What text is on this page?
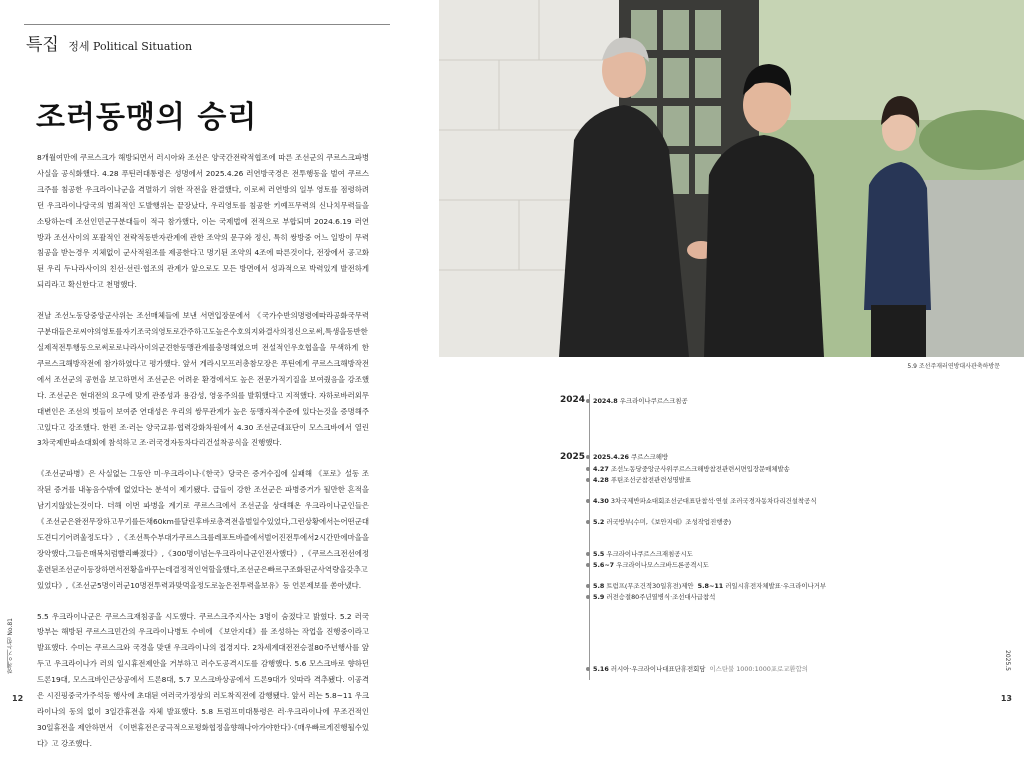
특집 정세 Political Situation
조러동맹의 승리

8개월여만에 쿠르스크가 해방되면서 러시아와 조선은 양국간전략적협조에 따른 조선군의 쿠르스크파병사실을 공식화했다. 4.28 푸틴러대통령은 성명에서 2025.4.26 러연방국경은 전투행동을 벌여 쿠르스크주를 침공한 우크라이나군을 격멸하기 위한 작전을 완결했다, 이로써 러연방의 일부 영토를 점령하려던 우크라이나당국의 범죄적인 도발행위는 끝장났다, 우리영토를 침공한 키예프무력의 신나치무력들을 소탕하는데 조선인민군구분대들이 적극 참가했다, 이는 국제법에 전적으로 부합되며 2024.6.19 러연방과 조선사이의 포괄적인 전략적동반자관계에 관한 조약의 문구와 정신, 특히 쌍방중 어느 일방이 무력침공을 받는경우 지체없이 군사적원조를 제공한다고 명기된 조약의 4조에 따른것이다, 전장에서 공고화된 우리 두나라사이의 친선·선린·협조의 관계가 앞으로도 모든 방면에서 성과적으로 박력있게 발전하게 되리라고 확신한다고 천명했다.

전날 조선노동당중앙군사위는 조선매체들에 보낸 서면입장문에서 《국가수반의명령에따라공화국무력구분대들은로씨야의영토를자기조국의영토로간주하고도높은수호의지와결사의정신으로써,특생을동반한실제적전투행동으로써로로나라사이의군견한동맹관계를충명해였으며 전설적인우호협을을 무색하게 한 쿠르스크해방작전에 참가하였다고 평가했다. 앞서 게라시모프러총참모장은 푸틴에게 쿠르스크해방작전에서 조선군의 공헌을 보고하면서 조선군은 어려운 환경에서도 높은 전문가적기질을 보여줬음을 강조했다. 조선군은 현대전의 요구에 맞게 관종성과 용감성, 영웅주의를 발휘했다고 지적했다. 자하로바러외무대변인은 조선의 벗들이 보여준 연대성은 우리의 쌍무관계가 높은 동맹자적수준에 있다는것을 증명해주고있다고 강조했다. 한편 조·러는 양국교류·협력강화차원에서 4.30 조선군대표단이 모스크바에서 열린 3차국제반파쇼대회에 참석하고 조·러국경자동차다리건설착공식을 진행했다.

《조선군파병》은 사실없는 그동안 미·우크라이나·《한국》당국은 증거수집에 실패해 《포로》설동 조작된 증거를 내놓음수밖에 없었다는 분석이 제기됐다. 급들이 강한 조선군은 파병증거가 될만한 흔적을 남기지않았는것이다. 더해 이번 파병을 계기로 쿠르스크에서 조선군을 상대해온 우크라이나군인들은 《조선군은완전무장하고무기를든채60km를달린후바로총격전을벌일수있었다,그런상황에서는어떤군대도견디기어려울정도다》,《조선특수부대가쿠르스크를레포트바즐에서벌어진전투에서2시간만에마을을장악했다,그들은매복처럼빨리빠졌다》,《300명이넘는우크라이나군인전사했다》,《쿠르스크전선에정훈련된조선군이등장하면서전황을바꾸는데결정적인역할을했다,조선군은빠르구조화된군사역량을갖추고있었다》,《조선군5명이러군10명전투력과맞먹을정도로높은전투력을보유》등 언론제보를 쏟아냈다.

5.5 우크라이나군은 쿠르스크재침공을 시도했다. 쿠르스크주지사는 3명이 숨졌다고 밝혔다. 5.2 러국방부는 해방된 쿠르스크민간의 우크라이나병토 수비에 《보안지대》를 조성하는 작업을 진행중이라고 발표했다. 수미는 쿠르스크와 국경을 맞댄 우크라이나의 접경지다. 2차세계대전전승절80주년행사를 앞두고 우크라이나가 러의 일시휴전제안을 거부하고 러수도공격시도를 감행했다. 5.6 모스크바로 향하던 드론19대, 모스크바인근상공에서 드론8대, 5.7 모스크바상공에서 드론9대가 잇따라 격추됐다. 이공격은 시진핑중국가주석등 행사에 초대된 여러국가정상의 러도착직전에 감행됐다. 앞서 러는 5.8~11 우크라이나의 동의 없이 3일간휴전을 자체 발표했다. 5.8 트럼프미대통령은 러·우크라이나에 무조건적인 30일휴전을 제안하면서 《이번휴전은궁극적으로평화협정을향해나아가야한다》·《매우빠르게진행될수있다》고 강조했다.

함께이기는힘 No.81
12
5.9 조선주재러연방대사관축하방문
13
2024
2025
2024.8 우크라이나쿠르스크침공
2025.4.26 쿠르스크해방
4.27 조선노동당중앙군사위쿠르스크해방참전관련서면입장문매체발송
4.28 푸틴조선군참전관련성명발표
4.30 3차국제반파쇼대회조선군대표단참석·연설 조러국경자동차다리건설착공식
5.2 러국방부(수미,《보안지대》조성작업진행중)
5.5 우크라이나쿠르스크재침공시도
5.6~7 우크라이나모스크바드론공격시도
5.8 트럼프(무조건적30일휴전)제안 5.8~11 러일시휴전자체발표·우크라이나거부
5.9 러전승절80주년열병식·조선대사급참석
5.16 러시아·우크라이나대표단휴전회담 이스탄불 1000:1000포로교환합의	2025.5
